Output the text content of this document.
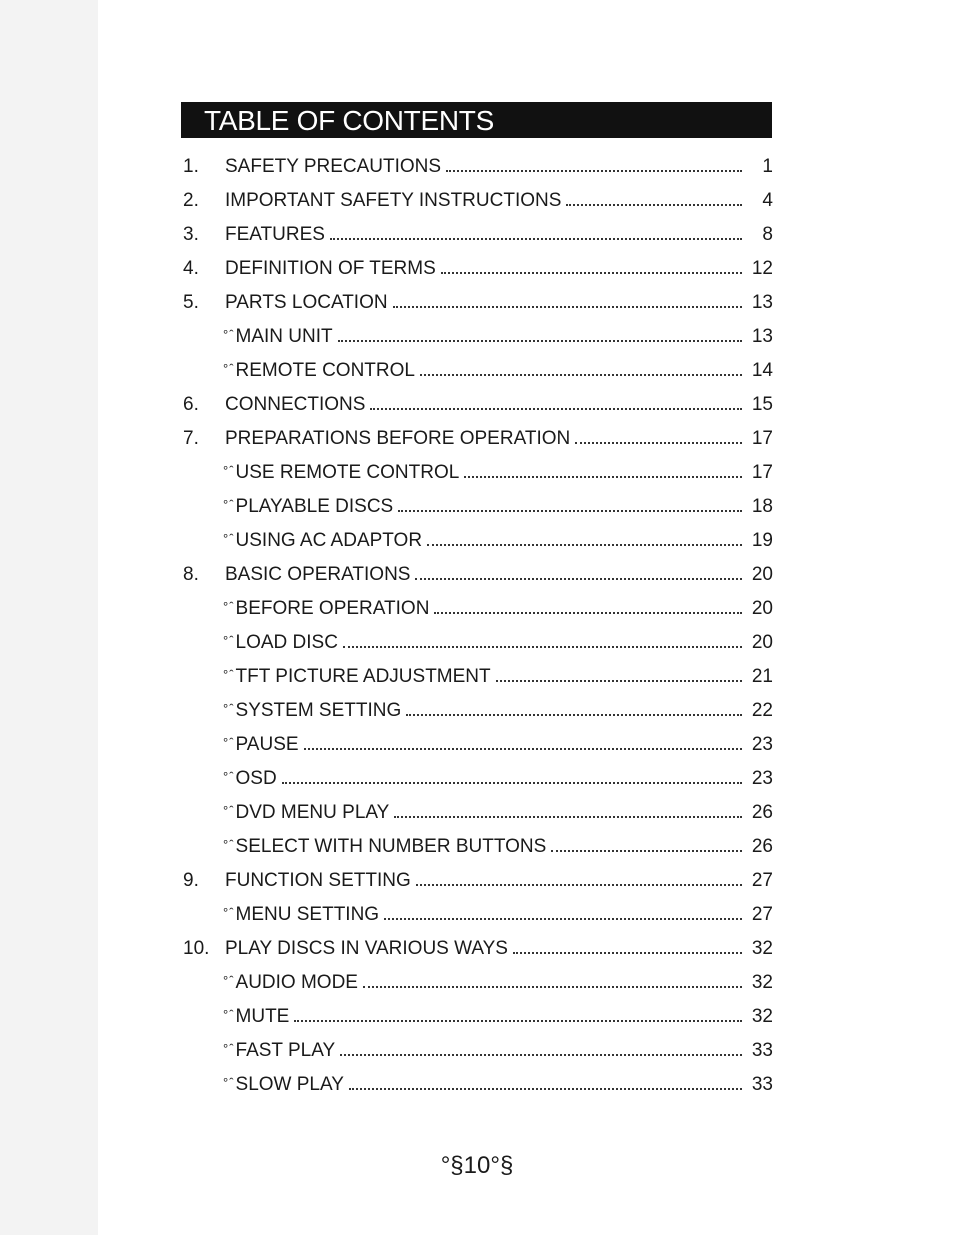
TABLE OF CONTENTS
1.	SAFETY PRECAUTIONS	1
2.	IMPORTANT SAFETY INSTRUCTIONS	4
3.	FEATURES	8
4.	DEFINITION OF TERMS	12
5.	PARTS LOCATION	13
°ˆ MAIN UNIT	13
°ˆ REMOTE CONTROL	14
6.	CONNECTIONS	15
7.	PREPARATIONS BEFORE OPERATION	17
°ˆ USE REMOTE CONTROL	17
°ˆ PLAYABLE DISCS	18
°ˆ USING AC ADAPTOR	19
8.	BASIC OPERATIONS	20
°ˆ BEFORE OPERATION	20
°ˆ LOAD DISC	20
°ˆ TFT PICTURE ADJUSTMENT	21
°ˆ SYSTEM SETTING	22
°ˆ PAUSE	23
°ˆ OSD	23
°ˆ DVD MENU PLAY	26
°ˆ SELECT WITH NUMBER BUTTONS	26
9.	FUNCTION SETTING	27
°ˆ MENU SETTING	27
10. PLAY DISCS IN VARIOUS WAYS	32
°ˆ AUDIO MODE	32
°ˆ MUTE	32
°ˆ FAST PLAY	33
°ˆ SLOW PLAY	33
°§10°§
